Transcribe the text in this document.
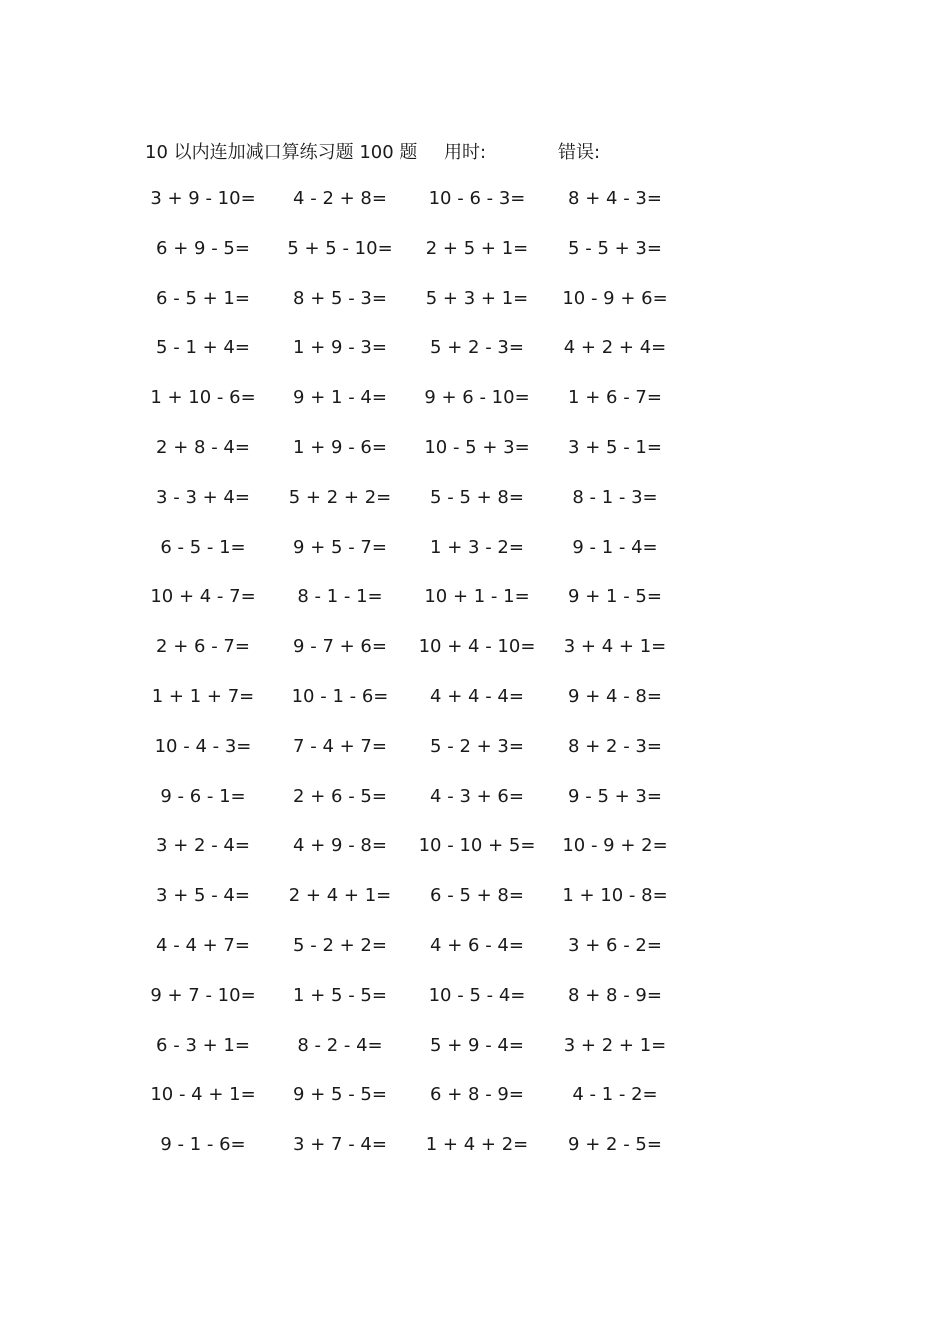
10 以内连加减口算练习题 100 题 用时:	错误:
3 + 9 - 10=	4 - 2 + 8=	10 - 6 - 3=	8 + 4 - 3=
6 + 9 - 5=	5 + 5 - 10=	2 + 5 + 1=	5 - 5 + 3=
6 - 5 + 1=	8 + 5 - 3=	5 + 3 + 1=	10 - 9 + 6=
5 - 1 + 4=	1 + 9 - 3=	5 + 2 - 3=	4 + 2 + 4=
1 + 10 - 6=	9 + 1 - 4=	9 + 6 - 10=	1 + 6 - 7=
2 + 8 - 4=	1 + 9 - 6=	10 - 5 + 3=	3 + 5 - 1=
3 - 3 + 4=	5 + 2 + 2=	5 - 5 + 8=	8 - 1 - 3=
6 - 5 - 1=	9 + 5 - 7=	1 + 3 - 2=	9 - 1 - 4=
10 + 4 - 7=	8 - 1 - 1=	10 + 1 - 1=	9 + 1 - 5=
2 + 6 - 7=	9 - 7 + 6=	10 + 4 - 10=	3 + 4 + 1=
1 + 1 + 7=	10 - 1 - 6=	4 + 4 - 4=	9 + 4 - 8=
10 - 4 - 3=	7 - 4 + 7=	5 - 2 + 3=	8 + 2 - 3=
9 - 6 - 1=	2 + 6 - 5=	4 - 3 + 6=	9 - 5 + 3=
3 + 2 - 4=	4 + 9 - 8=	10 - 10 + 5=	10 - 9 + 2=
3 + 5 - 4=	2 + 4 + 1=	6 - 5 + 8=	1 + 10 - 8=
4 - 4 + 7=	5 - 2 + 2=	4 + 6 - 4=	3 + 6 - 2=
9 + 7 - 10=	1 + 5 - 5=	10 - 5 - 4=	8 + 8 - 9=
6 - 3 + 1=	8 - 2 - 4=	5 + 9 - 4=	3 + 2 + 1=
10 - 4 + 1=	9 + 5 - 5=	6 + 8 - 9=	4 - 1 - 2=
9 - 1 - 6=	3 + 7 - 4=	1 + 4 + 2=	9 + 2 - 5=
